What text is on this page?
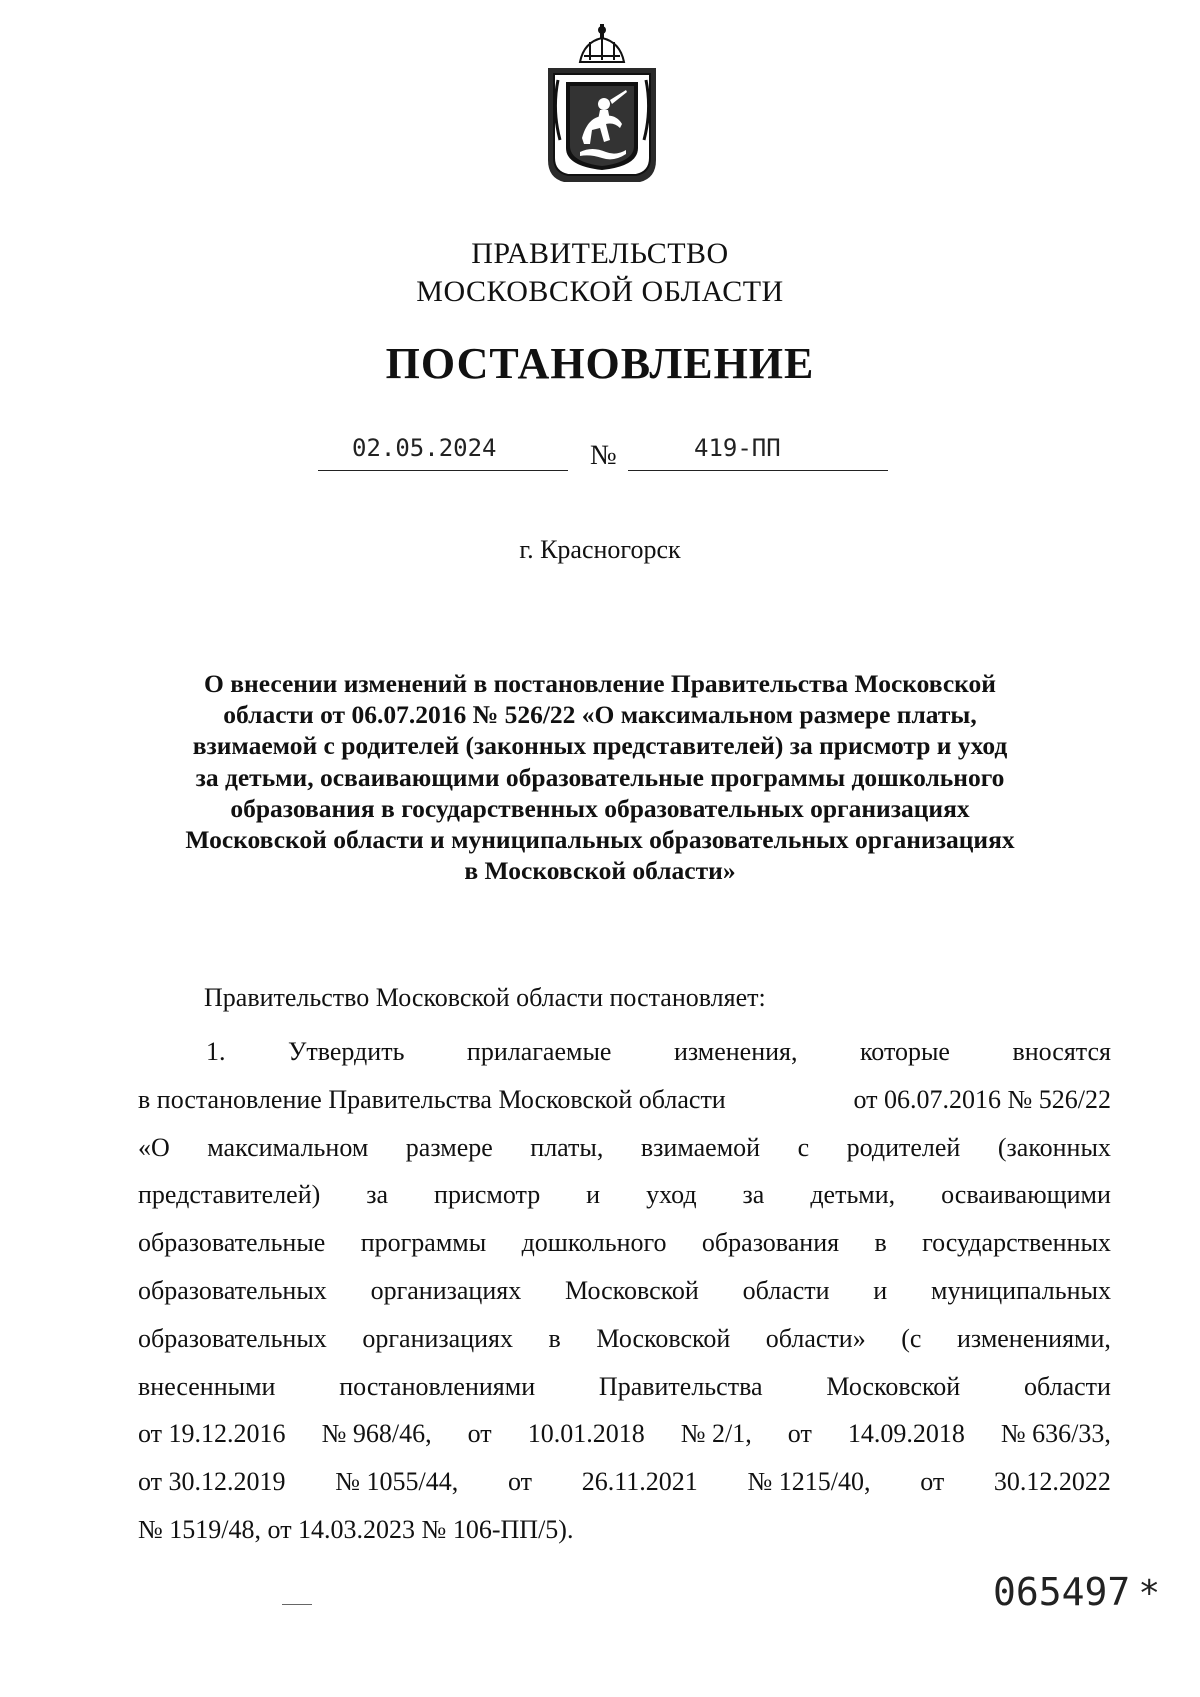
ПРАВИТЕЛЬСТВО
МОСКОВСКОЙ ОБЛАСТИ
ПОСТАНОВЛЕНИЕ
02.05.2024	№	419-ПП
г. Красногорск
О внесении изменений в постановление Правительства Московской
области от 06.07.2016 № 526/22 «О максимальном размере платы,
взимаемой с родителей (законных представителей) за присмотр и уход
за детьми, осваивающими образовательные программы дошкольного
образования в государственных образовательных организациях
Московской области и муниципальных образовательных организациях
в Московской области»
Правительство Московской области постановляет:
1. Утвердить прилагаемые изменения, которые вносятся
в постановление Правительства Московской области	от 06.07.2016 № 526/22
«О максимальном размере платы, взимаемой с родителей (законных
представителей) за присмотр и уход за детьми, осваивающими
образовательные программы дошкольного образования в государственных
образовательных организациях Московской области и муниципальных
образовательных организациях в Московской области» (с изменениями,
внесенными постановлениями Правительства Московской области
от 19.12.2016 № 968/46, от 10.01.2018 № 2/1, от 14.09.2018 № 636/33,
от 30.12.2019 № 1055/44, от 26.11.2021 № 1215/40, от 30.12.2022
№ 1519/48, от 14.03.2023 № 106-ПП/5).
065497 *
